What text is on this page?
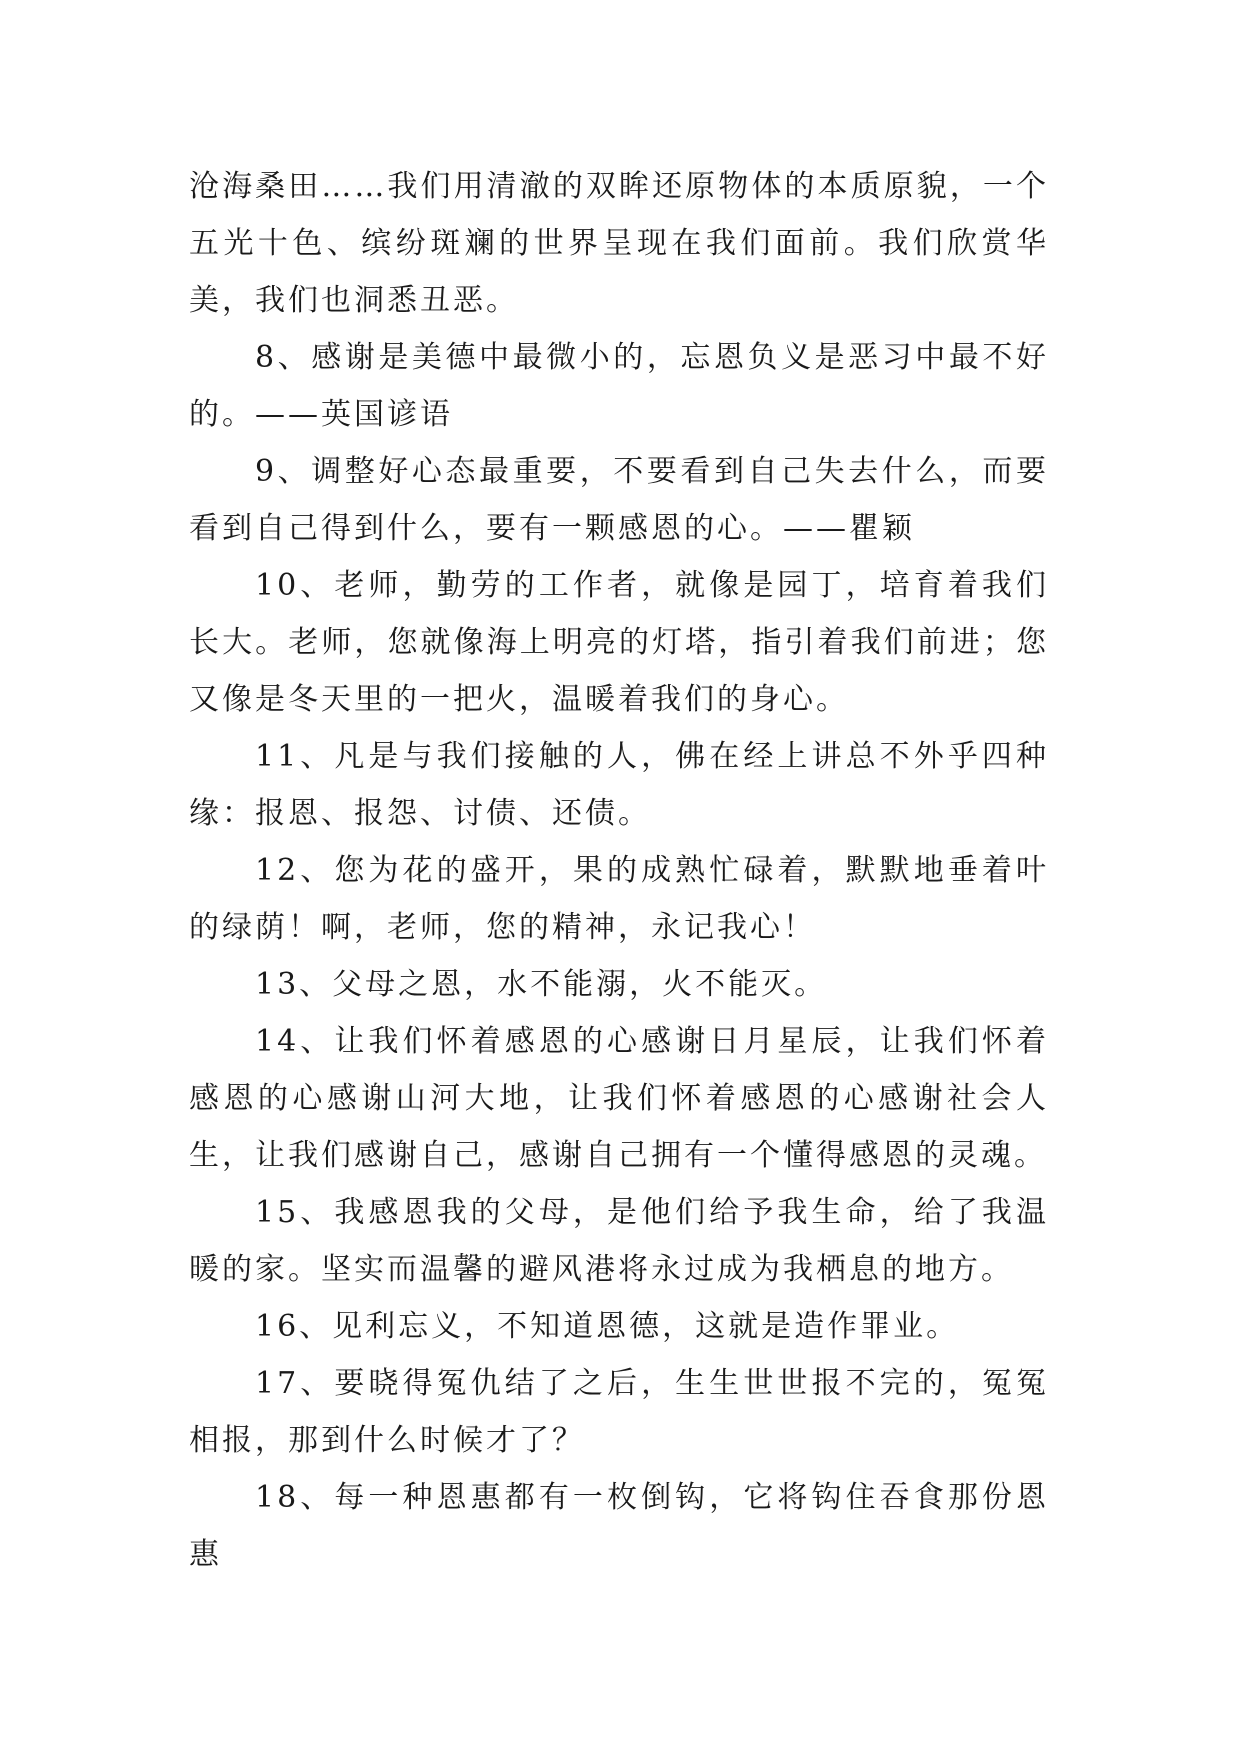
沧海桑田……我们用清澈的双眸还原物体的本质原貌，一个五光十色、缤纷斑斓的世界呈现在我们面前。我们欣赏华美，我们也洞悉丑恶。

8、感谢是美德中最微小的，忘恩负义是恶习中最不好的。——英国谚语

9、调整好心态最重要，不要看到自己失去什么，而要看到自己得到什么，要有一颗感恩的心。——瞿颖

10、老师，勤劳的工作者，就像是园丁，培育着我们长大。老师，您就像海上明亮的灯塔，指引着我们前进；您又像是冬天里的一把火，温暖着我们的身心。

11、凡是与我们接触的人，佛在经上讲总不外乎四种缘：报恩、报怨、讨债、还债。

12、您为花的盛开，果的成熟忙碌着，默默地垂着叶的绿荫！啊，老师，您的精神，永记我心！

13、父母之恩，水不能溺，火不能灭。

14、让我们怀着感恩的心感谢日月星辰，让我们怀着感恩的心感谢山河大地，让我们怀着感恩的心感谢社会人生，让我们感谢自己，感谢自己拥有一个懂得感恩的灵魂。

15、我感恩我的父母，是他们给予我生命，给了我温暖的家。坚实而温馨的避风港将永过成为我栖息的地方。

16、见利忘义，不知道恩德，这就是造作罪业。

17、要晓得冤仇结了之后，生生世世报不完的，冤冤相报，那到什么时候才了？

18、每一种恩惠都有一枚倒钩，它将钩住吞食那份恩惠
